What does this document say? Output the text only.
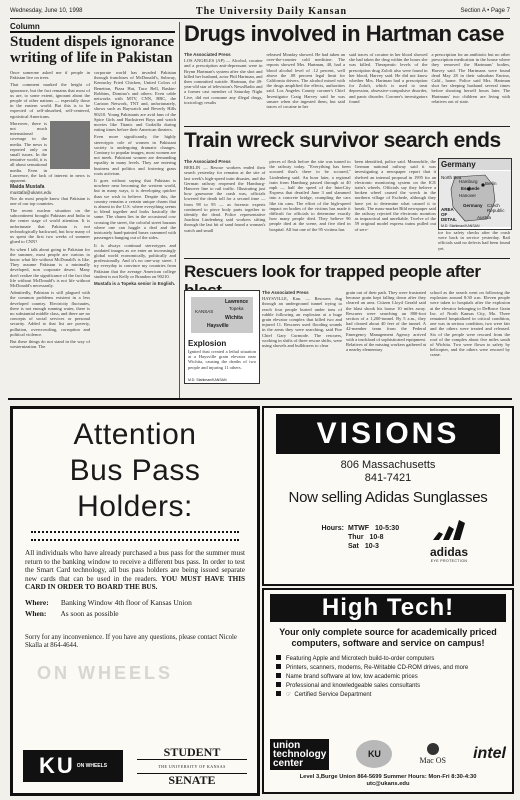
Wednesday, June 10, 1998	The University Daily Kansan	Section A • Page 7
Column
Student dispels ignorance writing of life in Pakistan

Once someone asked me if people in Pakistan live on trees.

That comment marked the height of ignorance, but the fact remains that most of us are, to some extent, ignorant about the people of other nations — especially those in the eastern world. But this is to be expected of self-absorbed, self-centered, egotistical Americans.

Moreover, there is not much international coverage in the media. The news is reported only on small issues. In the tentative world, it is all about sensational media. Even in Lawrence, the lack of interest in news is apparent.

Maida Mustafa
mustafa@ukans.edu

Nor do most people know that Pakistan is one of our top countries.

The recent nuclear situation on the subcontinent brought Pakistan and India to the center stage of world attention. It is unfortunate that Pakistan is not technologically backward, but how many of us spent the first two weeks of summer glued to CNN?

So when I talk about going to Pakistan for the summer, most people are curious to know what life without McDonald's is like. They assume Pakistan is a minimally developed, non corporate desert. Many don't realize the significance of the fact that life without McDonald's is not life without McDonald's necessarily.

Admittedly, Pakistan is still plagued with the common problems existent in a less developed country. Electricity fluctuates, there is not enough running water, there is no substantial middle class, and there are no concepts of social services or personal security. Added to that list are poverty, pollution, overcrowding, corruption and political violence.

But these things do not stand in the way of westernization. The

corporate world has invaded Pakistan through franchises of McDonald's, Subway, Kentucky Fried Chicken, United Colors of Benetton, Pizza Hut, Taco Bell, Baskin-Robbins, Domino's and others. Even cable networks with MTV, CNN, BBC, the Cartoon Network, TNT and, unfortunately, shows such as Baywatch and Beverly Hills 90210. Young Pakistanis are avid fans of the Spice Girls and Backstreet Boys and watch movies like Titanic and Godzilla during eating times before their American theaters.

Even more significantly, the highly stereotypic role of women in Pakistani society is undergoing dramatic changes. Contrary to popular images, most women are not meek. Pakistani women are demanding equality in many levels. They are entering business and politics and fostering grass roots activism.

It goes without saying that Pakistan is nowhere near becoming the western world, but in many ways, it is developing quicker than we wish to believe. Despite this, the country remains a certain unique charm that is absent in the U.S. where everything seems to blend together and looks basically the same. The charm lies in the occasional cow crossing the street, the colorful street bazaars where one can haggle a deal and the intricately hand-painted buses crammed with passengers hanging out of the sides.

It is always continual stereotypes and outdated images as we enter an increasingly global world economically, politically and professionally. And it's no one-way street. I try everyday to convince my countries from Pakistan that the average American college student is not Kelly or Brandon on 90210.

Mustafa is a Topeka senior in English.

Drugs involved in Hartman case
The Associated Press

LOS ANGELES (AP) — Alcohol, cocaine and a prescription anti-depressant were in Brynn Hartman's system after she shot and killed her husband, actor Phil Hartman, and then committed suicide. Hartman, the 49-year-old star of television's NewsRadio and a former cast member of Saturday Night Live, did not consume any illegal drugs, toxicology results

released Monday showed. He had taken an over-the-counter cold medicine. The reports showed Mrs. Hartman, 40, had a blood alcohol level of .12 percent, well above the .08 percent legal limit for California drivers. The alcohol mixed with the drugs amplified the effects, authorities said. Los Angeles County coroner's Chief Investigator Craig Harvey said he was unsure when she ingested them, but said traces of cocaine in her

said traces of cocaine in her blood showed she had taken the drug within the hours she was killed. Therapeutic levels of the prescription drug Zoloft also were found in her blood, Harvey said. He did not know whether Mrs. Hartman had a prescription for Zoloft, which is used to treat depression, obsessive-compulsive disorder, and panic disorder. Coroner's investigators found

a prescription for an antibiotic but no other prescription medication in the house where they removed the Hartmans' bodies, Harvey said. The Hartmans were found dead May 28 in their suburban Encino, Calif., home. Police said Mrs. Hartman shot her sleeping husband several times before shooting herself hours later. The Hartmans' two children are living with relatives out of state.

Train wreck survivor search ends
The Associated Press

BERLIN — Rescue workers ended their search yesterday for remains at the site of last week's high-speed train disaster, and the German railway reopened the Hamburg-Hanover line to rail traffic. Illustrating just how gruesome the crash was, officials lowered the death toll for a second time — from 98 to 95 — as forensic experts continued to piece body parts together to identify the dead. Police representative Joachim Lindenberg said workers sifting through the last bit of sand found a woman's watch and small

pieces of flesh before the site was turned to the railway today. "Everything has been scoured that's there to be scoured," Lindenberg said. An hour later, a regional train from Hamburg passed through at 40 mph — half the speed of the InterCity Express that derailed June 3 and slammed into a concrete bridge, crumpling the cars like tin cans. The effort of the high-speed impact on bodies of the victims has made it difficult for officials to determine exactly how many people died. They believe 96 people died at the scene, and five died in hospital. All but one of the 95 victims has

been identified, police said. Meanwhile, the German national railway said it was investigating a newspaper report that it shelved an internal proposal in 1995 for an electronic monitoring system on the ICE train's wheels. Officials say they believe a broken wheel caused the wreck in the northern village of Eschede, although they have yet to determine what caused it to break. The mass-market Bild newspaper said the railway rejected the electronic monitors as impractical and unreliable. Twelve of the 59 original model express trains pulled out of serv-

Germany
North Sea
Hamburg
Eschede
Hanover
Berlin
Germany Czech Republic
Austria
AREA OF DETAIL
M.D. Stahlman/KANSAN

ice for safety checks after the crash were back in service yesterday. Rail officials said no defects had been found yet.

Rescuers look for trapped people after
Lawrence
Topeka
Wichita
Haysville
KANSAS
Explosion
Ignited dust created a lethal situation at a Haysville grain elevator near Wichita, causing the deaths of two people and injuring 11 others.
M.D. Stahlman/KANSAN
The Associated Press

HAYSVILLE, Kan. — Rescuers dug through an underground tunnel trying to reach four people buried under tons of rubble following an explosion at a huge grain elevator complex that killed two and injured 11. Rescuers used flooding sounds in the areas they were searching, said Fire Chief Gary Curmode. The rescuers, working in shifts of three rescue shifts, were using shovels and bulldozers to clear

grain out of their path. They were frustrated because grain kept falling down after they cleared an area. Citizen Lloyd Gerald said the blast shook his house 10 miles away. Rescuers were searching an 800-foot section of a 1,200-tunnel. By 5 a.m., they had cleared about 40 feet of the tunnel. A 42-member team from the Federal Emergency Management Agency arrived with a truckload of sophisticated equipment. Relatives of the missing workers gathered at a nearby elementary

school as the search went on following the explosion around 8:30 a.m. Eleven people were taken to hospitals after the explosion at the elevator belonging to DeBruce Grain Inc. of North Kansas City, Mo. Three remained hospitalized in critical condition, one was in serious condition, two were fair and the others were treated and released. Six of the people were rescued from the roof of the complex about five miles south of Wichita. Two were flown to safety by helicopter, and the others were rescued by crane.

Attention
Bus Pass
Holders:
All individuals who have already purchased a bus pass for the summer must return to the banking window to receive a different bus pass. In order to test the Smart Card technology, all bus pass holders are being issued separate new cards that can be used in the readers. YOU MUST HAVE THIS CARD IN ORDER TO BOARD THE BUS.
ON WHEELS
Where: Banking Window 4th floor of Kansas Union
When: As soon as possible
Sorry for any inconvenience. If you have any questions, please contact Nicole Skalla at 864-4644.
KU ON WHEELS
STUDENT
THE UNIVERSITY OF KANSAS
SENATE
VISIONS
806 Massachusetts
841-7421
Now selling Adidas Sunglasses
Hours: MTWF 10-5:30
Thur 10-8
Sat 10-3	adidas
EYE PROTECTION
High Tech!
Your only complete source for academically priced computers, software and service on campus!
Featuring Apple and Microtech build-to-order computers
Printers, scanners, modems, Re-Writable CD-ROM drives, and more
Name brand software at low, low academic prices
Professional and knowledgeable sales consultants
☞ Certified Service Department
union
technology
center
KU
Mac OS intel
Level 3,Burge Union 864-5699 Summer Hours: Mon-Fri 8:30-4:30
utc@ukans.edu
